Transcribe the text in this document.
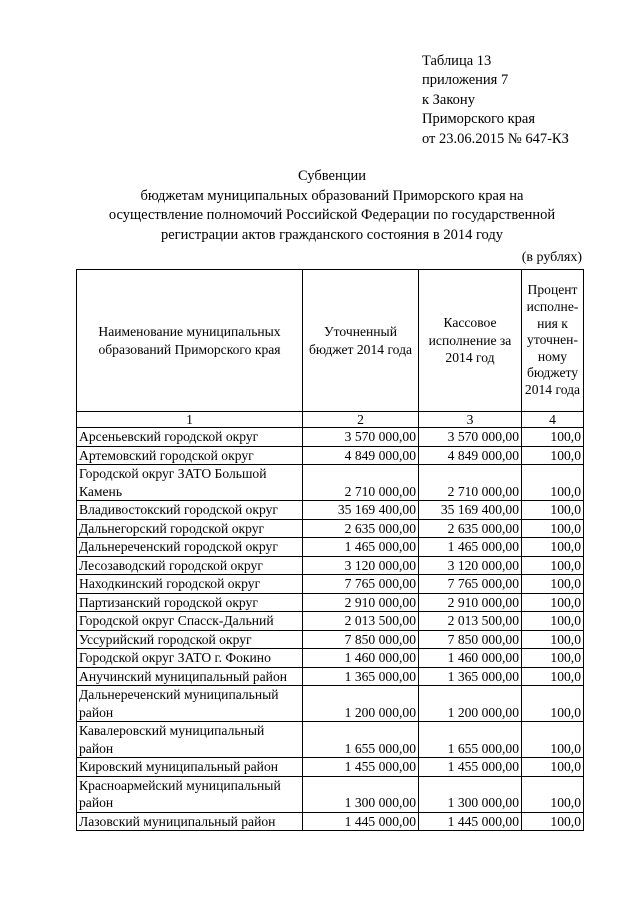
Таблица 13
приложения 7
к Закону
Приморского края
от 23.06.2015 № 647-КЗ
Субвенции
бюджетам муниципальных образований Приморского края на
осуществление полномочий Российской Федерации по государственной
регистрации актов гражданского состояния в 2014 году
(в рублях)
Наименование муниципальных образований Приморского края	Уточненный бюджет 2014 года	Кассовое исполнение за 2014 год	Процент исполне-ния к уточнен-ному бюджету 2014 года
1	2	3	4
Арсеньевский городской округ	3 570 000,00	3 570 000,00	100,0
Артемовский городской округ	4 849 000,00	4 849 000,00	100,0
Городской округ ЗАТО Большой Камень	2 710 000,00	2 710 000,00	100,0
Владивостокский городской округ	35 169 400,00	35 169 400,00	100,0
Дальнегорский городской округ	2 635 000,00	2 635 000,00	100,0
Дальнереченский городской округ	1 465 000,00	1 465 000,00	100,0
Лесозаводский городской округ	3 120 000,00	3 120 000,00	100,0
Находкинский городской округ	7 765 000,00	7 765 000,00	100,0
Партизанский городской округ	2 910 000,00	2 910 000,00	100,0
Городской округ Спасск-Дальний	2 013 500,00	2 013 500,00	100,0
Уссурийский городской округ	7 850 000,00	7 850 000,00	100,0
Городской округ ЗАТО г. Фокино	1 460 000,00	1 460 000,00	100,0
Анучинский муниципальный район	1 365 000,00	1 365 000,00	100,0
Дальнереченский муниципальный район	1 200 000,00	1 200 000,00	100,0
Кавалеровский муниципальный район	1 655 000,00	1 655 000,00	100,0
Кировский муниципальный район	1 455 000,00	1 455 000,00	100,0
Красноармейский муниципальный район	1 300 000,00	1 300 000,00	100,0
Лазовский муниципальный район	1 445 000,00	1 445 000,00	100,0
